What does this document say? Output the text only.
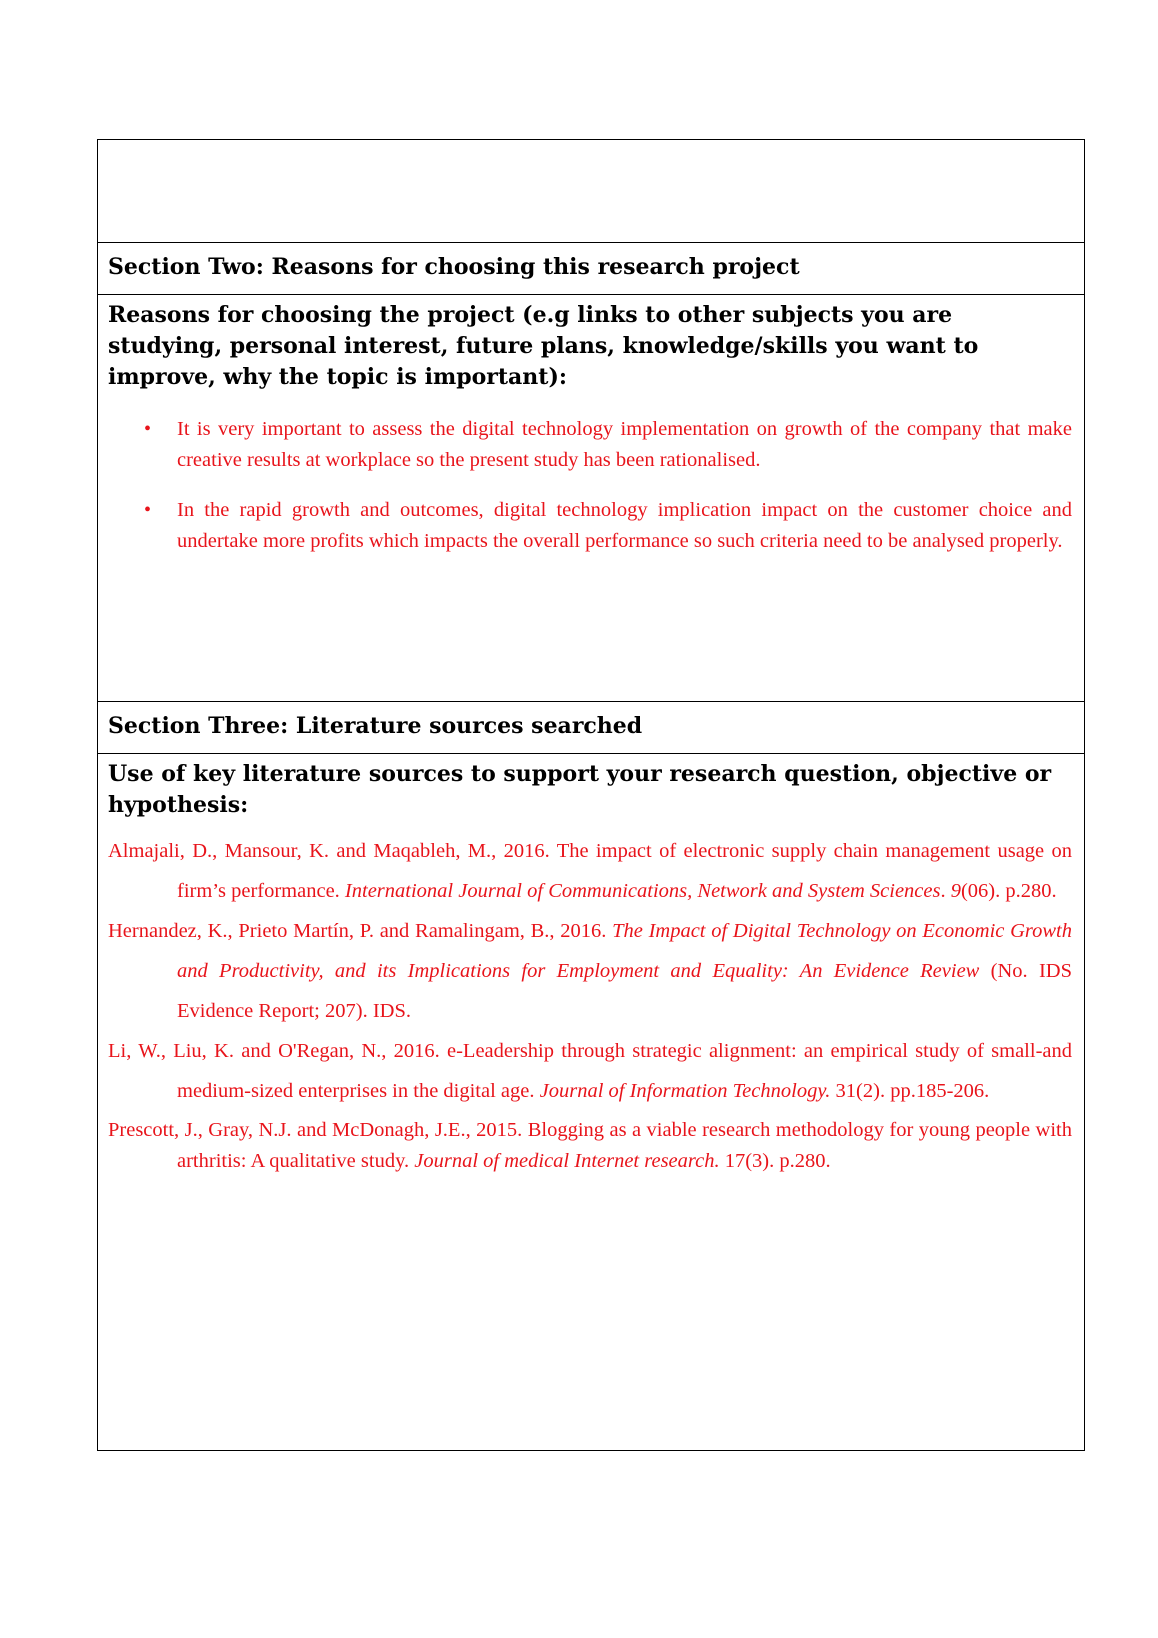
Section Two: Reasons for choosing this research project
Reasons for choosing the project (e.g links to other subjects you are studying, personal interest, future plans, knowledge/skills you want to improve, why the topic is important):
• It is very important to assess the digital technology implementation on growth of the company that make creative results at workplace so the present study has been rationalised.
• In the rapid growth and outcomes, digital technology implication impact on the customer choice and undertake more profits which impacts the overall performance so such criteria need to be analysed properly.
Section Three: Literature sources searched
Use of key literature sources to support your research question, objective or hypothesis:
Almajali, D., Mansour, K. and Maqableh, M., 2016. The impact of electronic supply chain management usage on firm’s performance. International Journal of Communications, Network and System Sciences. 9(06). p.280.
Hernandez, K., Prieto Martín, P. and Ramalingam, B., 2016. The Impact of Digital Technology on Economic Growth and Productivity, and its Implications for Employment and Equality: An Evidence Review (No. IDS Evidence Report; 207). IDS.
Li, W., Liu, K. and O'Regan, N., 2016. e-Leadership through strategic alignment: an empirical study of small-and medium-sized enterprises in the digital age. Journal of Information Technology. 31(2). pp.185-206.
Prescott, J., Gray, N.J. and McDonagh, J.E., 2015. Blogging as a viable research methodology for young people with arthritis: A qualitative study. Journal of medical Internet research. 17(3). p.280.
